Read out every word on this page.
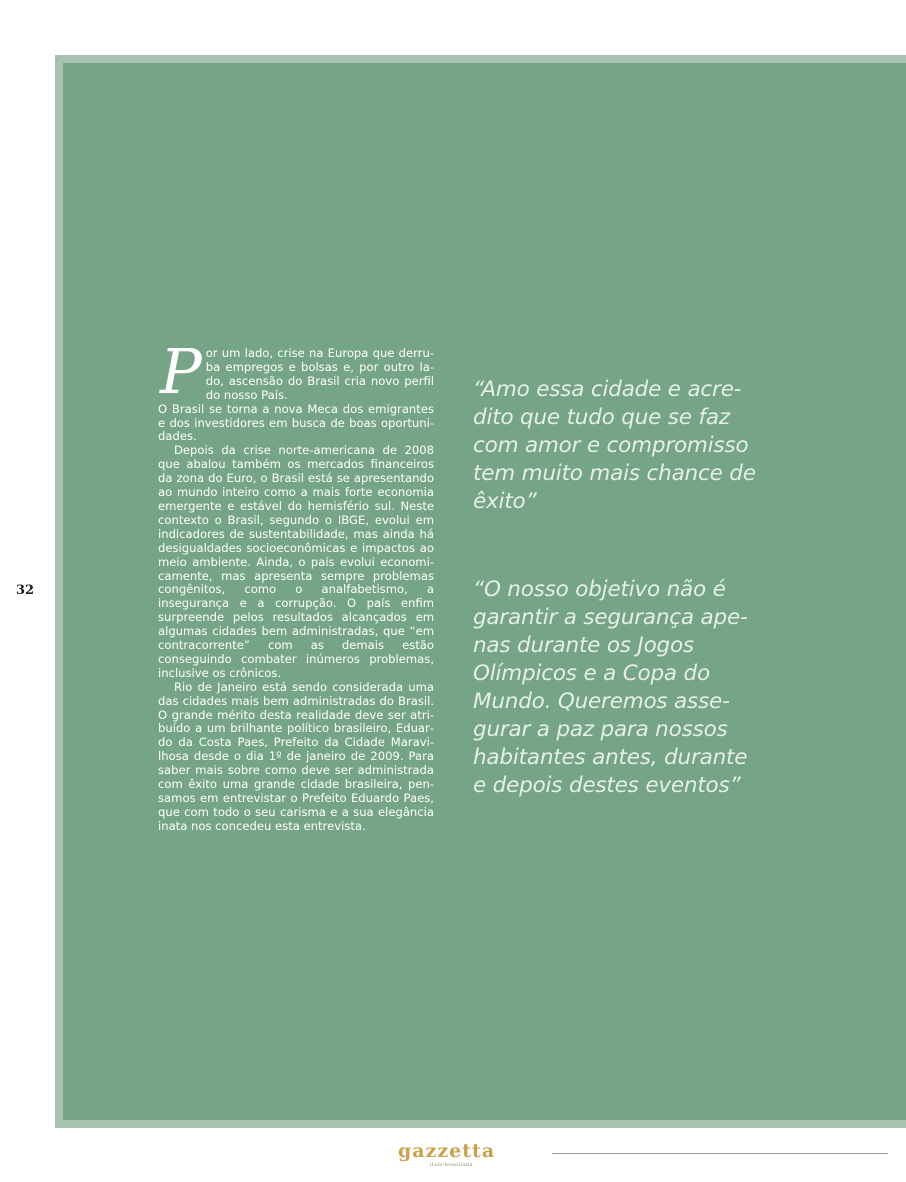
32

Por um lado, crise na Europa que derruba empregos e bolsas e, por outro lado, ascensão do Brasil cria novo perfil do nosso País.

O Brasil se torna a nova Meca dos emigrantes e dos investidores em busca de boas oportunidades.

Depois da crise norte-americana de 2008 que abalou também os mercados financeiros da zona do Euro, o Brasil está se apresentando ao mundo inteiro como a mais forte economia emergente e estável do hemisfério sul. Neste contexto o Brasil, segundo o IBGE, evolui em indicadores de sustentabilidade, mas ainda há desigualdades socioeconômicas e impactos ao meio ambiente. Ainda, o país evolui economicamente, mas apresenta sempre problemas congênitos, como o analfabetismo, a insegurança e a corrupção. O país enfim surpreende pelos resultados alcançados em algumas cidades bem administradas, que “em contracorrente” com as demais estão conseguindo combater inúmeros problemas, inclusive os crônicos.

Rio de Janeiro está sendo considerada uma das cidades mais bem administradas do Brasil. O grande mérito desta realidade deve ser atribuído a um brilhante político brasileiro, Eduardo da Costa Paes, Prefeito da Cidade Maravilhosa desde o dia 1º de janeiro de 2009. Para saber mais sobre como deve ser administrada com êxito uma grande cidade brasileira, pensamos em entrevistar o Prefeito Eduardo Paes, que com todo o seu carisma e a sua elegância inata nos concedeu esta entrevista.

“Amo essa cidade e acredito que tudo que se faz com amor e compromisso tem muito mais chance de êxito”
“O nosso objetivo não é garantir a segurança apenas durante os Jogos Olímpicos e a Copa do Mundo. Queremos assegurar a paz para nossos habitantes antes, durante e depois destes eventos”
gazzetta
italo-brasiliana
